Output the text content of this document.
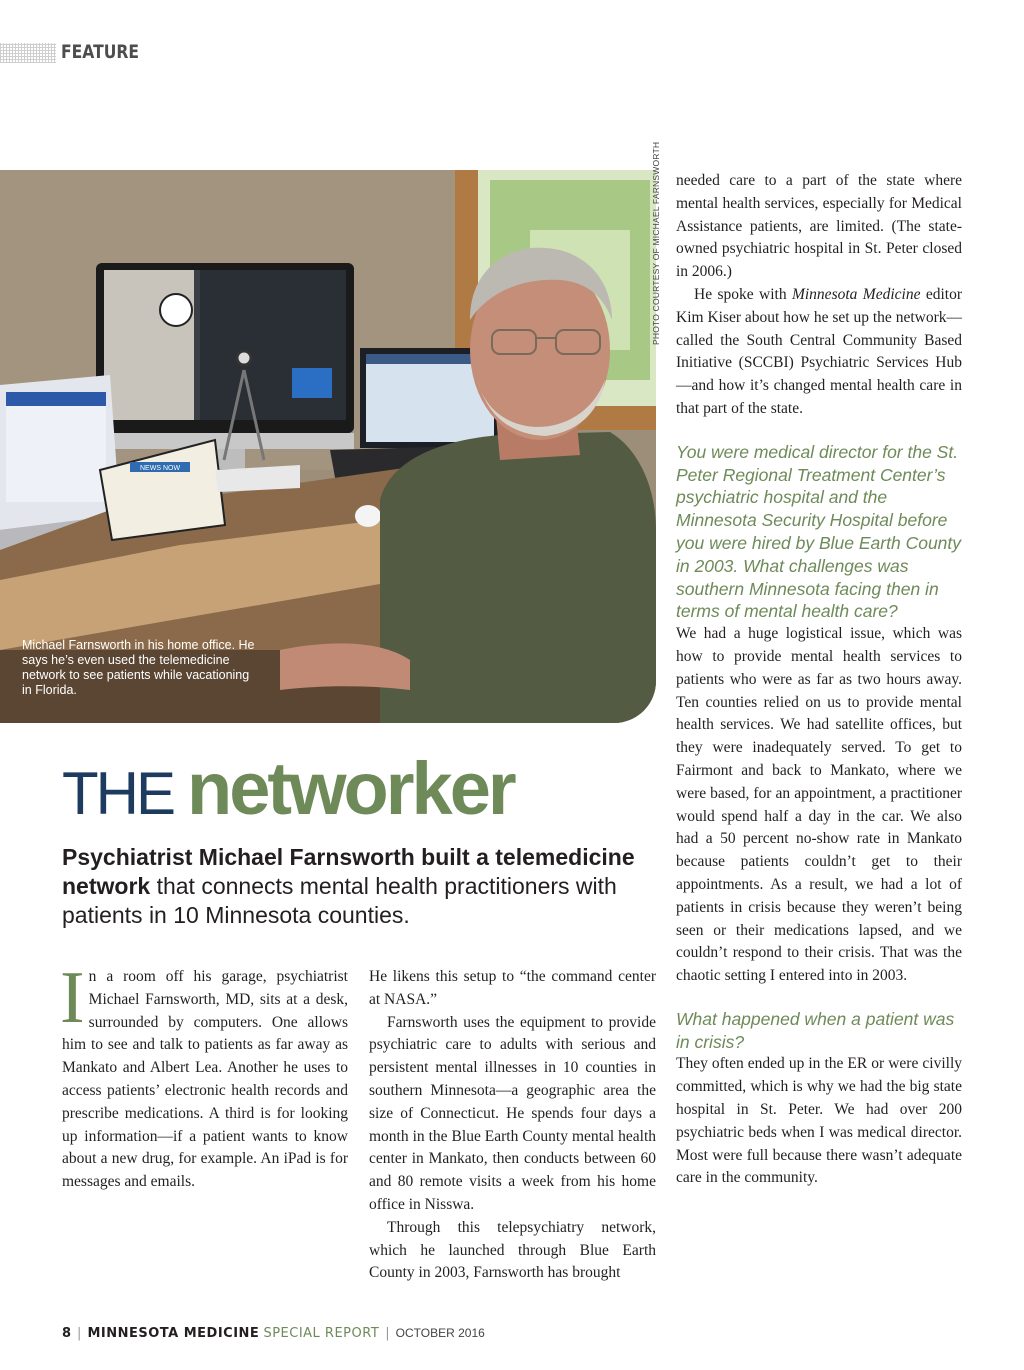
FEATURE
NEWS NOW
Michael Farnsworth in his home office. He says he’s even used the telemedicine network to see patients while vacationing in Florida.
PHOTO COURTESY OF MICHAEL FARNSWORTH
THE networker
Psychiatrist Michael Farnsworth built a telemedicine network that connects mental health practitioners with patients in 10 Minnesota counties.

In a room off his garage, psychiatrist Michael Farnsworth, MD, sits at a desk, surrounded by computers. One allows him to see and talk to patients as far away as Mankato and Albert Lea. Another he uses to access patients’ electronic health records and prescribe medications. A third is for looking up information—if a patient wants to know about a new drug, for example. An iPad is for messages and emails.

He likens this setup to “the command center at NASA.”

Farnsworth uses the equipment to provide psychiatric care to adults with serious and persistent mental illnesses in 10 counties in southern Minnesota—a geographic area the size of Connecticut. He spends four days a month in the Blue Earth County mental health center in Mankato, then conducts between 60 and 80 remote visits a week from his home office in Nisswa.

Through this telepsychiatry network, which he launched through Blue Earth County in 2003, Farnsworth has brought

needed care to a part of the state where mental health services, especially for Medical Assistance patients, are limited. (The state-owned psychiatric hospital in St. Peter closed in 2006.)

He spoke with Minnesota Medicine editor Kim Kiser about how he set up the network—called the South Central Community Based Initiative (SCCBI) Psychiatric Services Hub—and how it’s changed mental health care in that part of the state.

You were medical director for the St. Peter Regional Treatment Center’s psychiatric hospital and the Minnesota Security Hospital before you were hired by Blue Earth County in 2003. What challenges was southern Minnesota facing then in terms of mental health care?

We had a huge logistical issue, which was how to provide mental health services to patients who were as far as two hours away. Ten counties relied on us to provide mental health services. We had satellite offices, but they were inadequately served. To get to Fairmont and back to Mankato, where we were based, for an appointment, a practitioner would spend half a day in the car. We also had a 50 percent no-show rate in Mankato because patients couldn’t get to their appointments. As a result, we had a lot of patients in crisis because they weren’t being seen or their medications lapsed, and we couldn’t respond to their crisis. That was the chaotic setting I entered into in 2003.

What happened when a patient was in crisis?

They often ended up in the ER or were civilly committed, which is why we had the big state hospital in St. Peter. We had over 200 psychiatric beds when I was medical director. Most were full because there wasn’t adequate care in the community.

8 | MINNESOTA MEDICINE SPECIAL REPORT | OCTOBER 2016
